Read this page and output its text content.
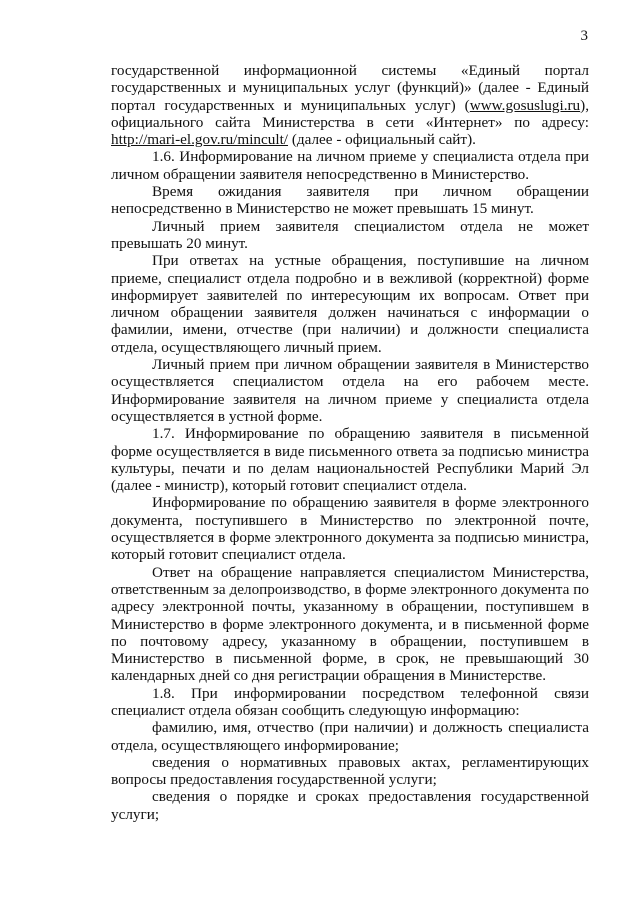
3

государственной информационной системы «Единый портал государственных и муниципальных услуг (функций)» (далее - Единый портал государственных и муниципальных услуг) (www.gosuslugi.ru), официального сайта Министерства в сети «Интернет» по адресу: http://mari-el.gov.ru/mincult/ (далее - официальный сайт).

1.6. Информирование на личном приеме у специалиста отдела при личном обращении заявителя непосредственно в Министерство.

Время ожидания заявителя при личном обращении непосредственно в Министерство не может превышать 15 минут.

Личный прием заявителя специалистом отдела не может превышать 20 минут.

При ответах на устные обращения, поступившие на личном приеме, специалист отдела подробно и в вежливой (корректной) форме информирует заявителей по интересующим их вопросам. Ответ при личном обращении заявителя должен начинаться с информации о фамилии, имени, отчестве (при наличии) и должности специалиста отдела, осуществляющего личный прием.

Личный прием при личном обращении заявителя в Министерство осуществляется специалистом отдела на его рабочем месте. Информирование заявителя на личном приеме у специалиста отдела осуществляется в устной форме.

1.7. Информирование по обращению заявителя в письменной форме осуществляется в виде письменного ответа за подписью министра культуры, печати и по делам национальностей Республики Марий Эл (далее - министр), который готовит специалист отдела.

Информирование по обращению заявителя в форме электронного документа, поступившего в Министерство по электронной почте, осуществляется в форме электронного документа за подписью министра, который готовит специалист отдела.

Ответ на обращение направляется специалистом Министерства, ответственным за делопроизводство, в форме электронного документа по адресу электронной почты, указанному в обращении, поступившем в Министерство в форме электронного документа, и в письменной форме по почтовому адресу, указанному в обращении, поступившем в Министерство в письменной форме, в срок, не превышающий 30 календарных дней со дня регистрации обращения в Министерстве.

1.8. При информировании посредством телефонной связи специалист отдела обязан сообщить следующую информацию:

фамилию, имя, отчество (при наличии) и должность специалиста отдела, осуществляющего информирование;

сведения о нормативных правовых актах, регламентирующих вопросы предоставления государственной услуги;

сведения о порядке и сроках предоставления государственной услуги;
